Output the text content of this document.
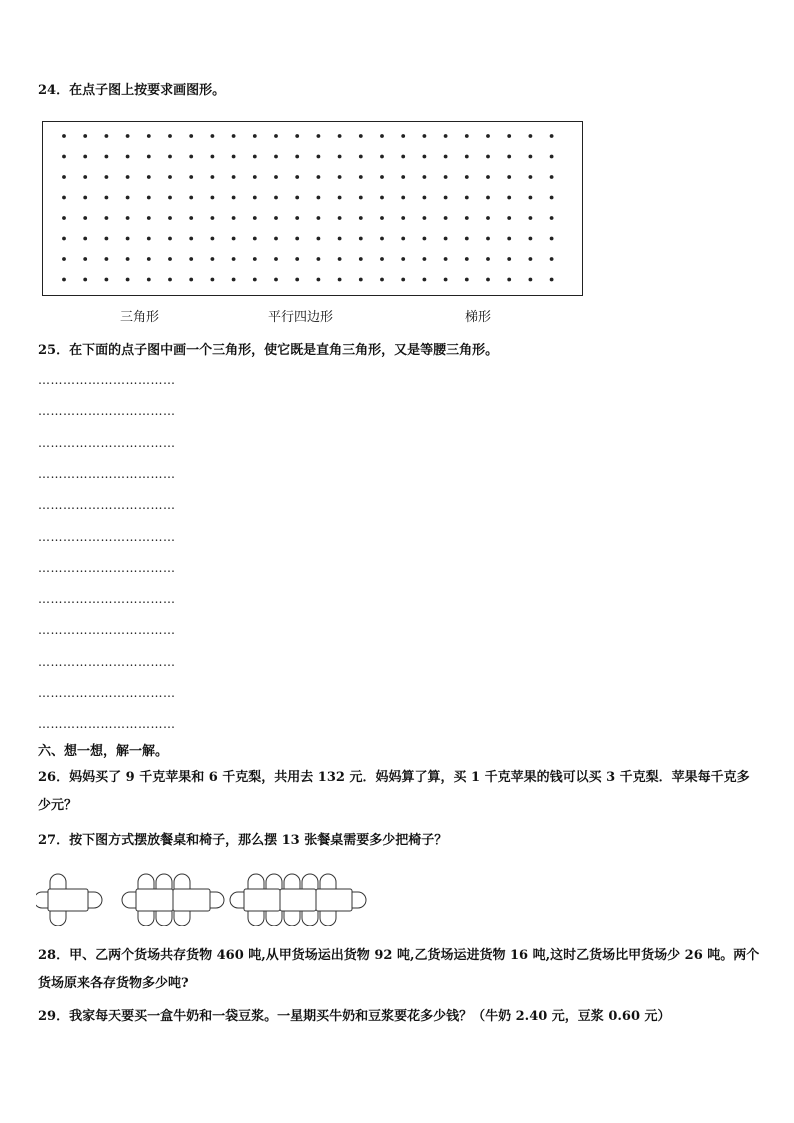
24．在点子图上按要求画图形。
三角形	平行四边形	梯形
25．在下面的点子图中画一个三角形，使它既是直角三角形，又是等腰三角形。
……………………………
……………………………
……………………………
……………………………
……………………………
……………………………
……………………………
……………………………
……………………………
……………………………
……………………………
……………………………
六、想一想，解一解。
26．妈妈买了 9 千克苹果和 6 千克梨，共用去 132 元．妈妈算了算，买 1 千克苹果的钱可以买 3 千克梨．苹果每千克多少元？
27．按下图方式摆放餐桌和椅子，那么摆 13 张餐桌需要多少把椅子？
28．甲、乙两个货场共存货物 460 吨,从甲货场运出货物 92 吨,乙货场运进货物 16 吨,这时乙货场比甲货场少 26 吨。两个货场原来各存货物多少吨?
29．我家每天要买一盒牛奶和一袋豆浆。一星期买牛奶和豆浆要花多少钱？（牛奶 2.40 元，豆浆 0.60 元）
